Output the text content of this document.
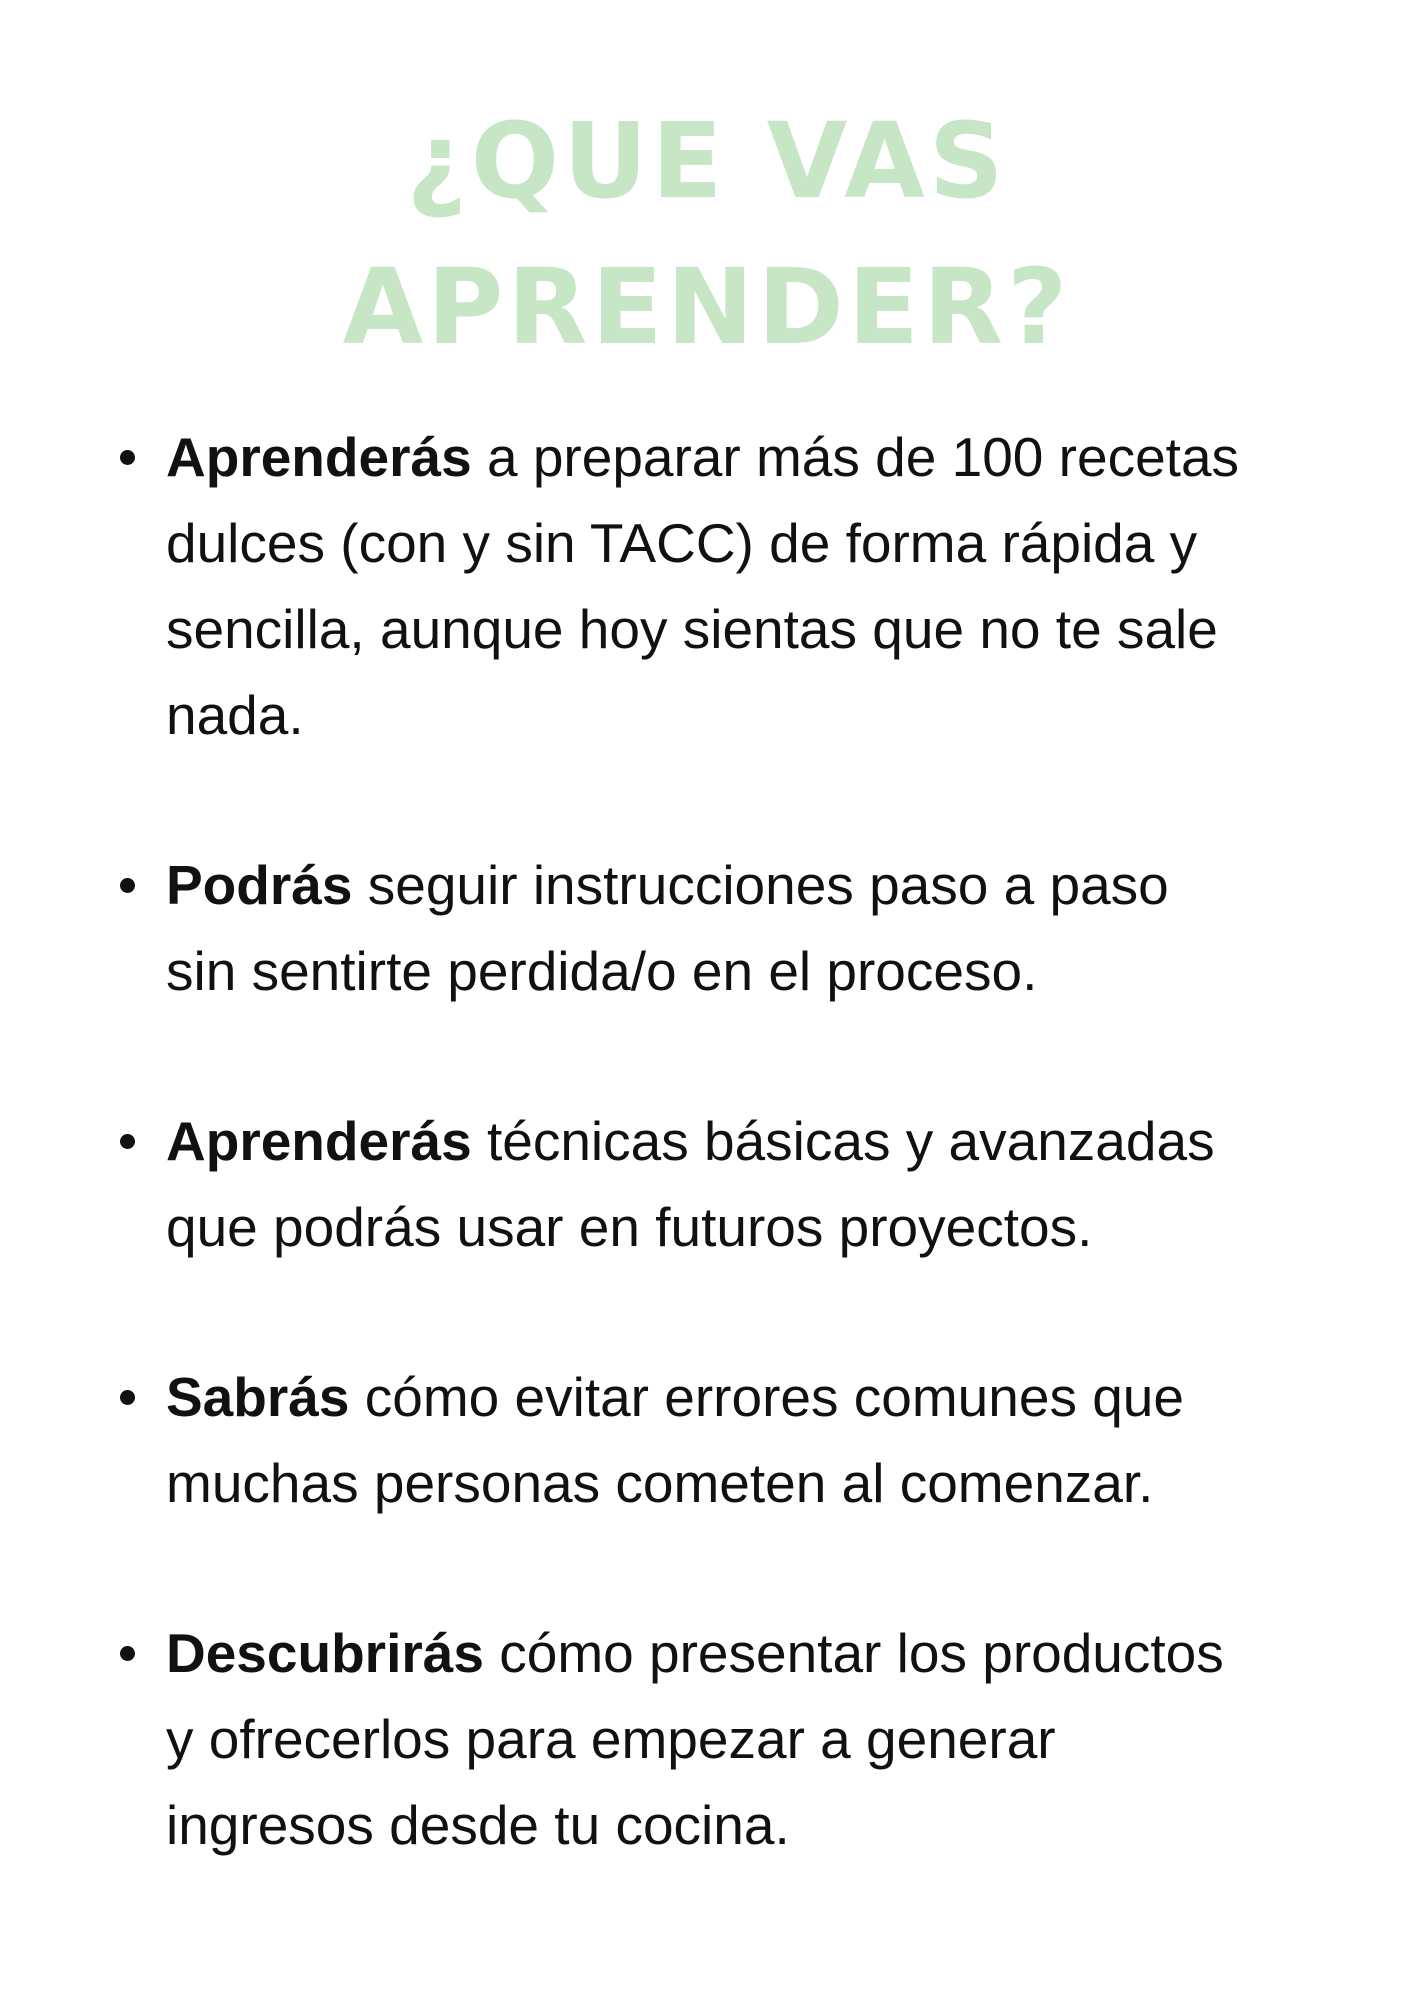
¿QUE VAS
APRENDER?
Aprenderás a preparar más de 100 recetas
dulces (con y sin TACC) de forma rápida y
sencilla, aunque hoy sientas que no te sale
nada.
Podrás seguir instrucciones paso a paso
sin sentirte perdida/o en el proceso.
Aprenderás técnicas básicas y avanzadas
que podrás usar en futuros proyectos.
Sabrás cómo evitar errores comunes que
muchas personas cometen al comenzar.
Descubrirás cómo presentar los productos
y ofrecerlos para empezar a generar
ingresos desde tu cocina.
